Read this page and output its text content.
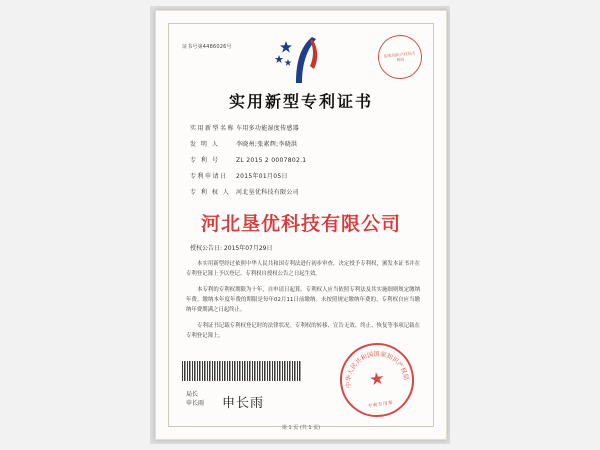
证书号第4486026号
国家知识产权局专利局
实用新型专利证书
实用新型名称 车用多功能湿度传感器
发 明 人	李晓州;张素辉;李晓洪
专 利 号	ZL 2015 2 0007802.1
专利申请日	2015年01月05日
专 利 权 人 河北垦优科技有限公司
河北垦优科技有限公司
授权公告日: 2015年07月29日

本实用新型经过依照中华人民共和国专利法进行初步审查，决定授予专利权，颁发本证书并在专利登记簿上予以登记。专利权自授权公告之日起生效。

本专利的专利权期限为十年，自申请日起算。专利权人应当依照专利法及其实施细则规定缴纳年费。缴纳本年度年费的期限是每年02月11日前缴纳。未按照规定缴纳年费的，专利权自应当缴纳年费期满之日起终止。

专利证书记载专利权登记时的法律状况。专利权的转移、宣告无效、终止、恢复等事项记载在专利登记簿上。

局长
申长雨 申长雨
中华人民共和国国家知识产权局
★
专利专用章
第 1 页 (共 1 页)
